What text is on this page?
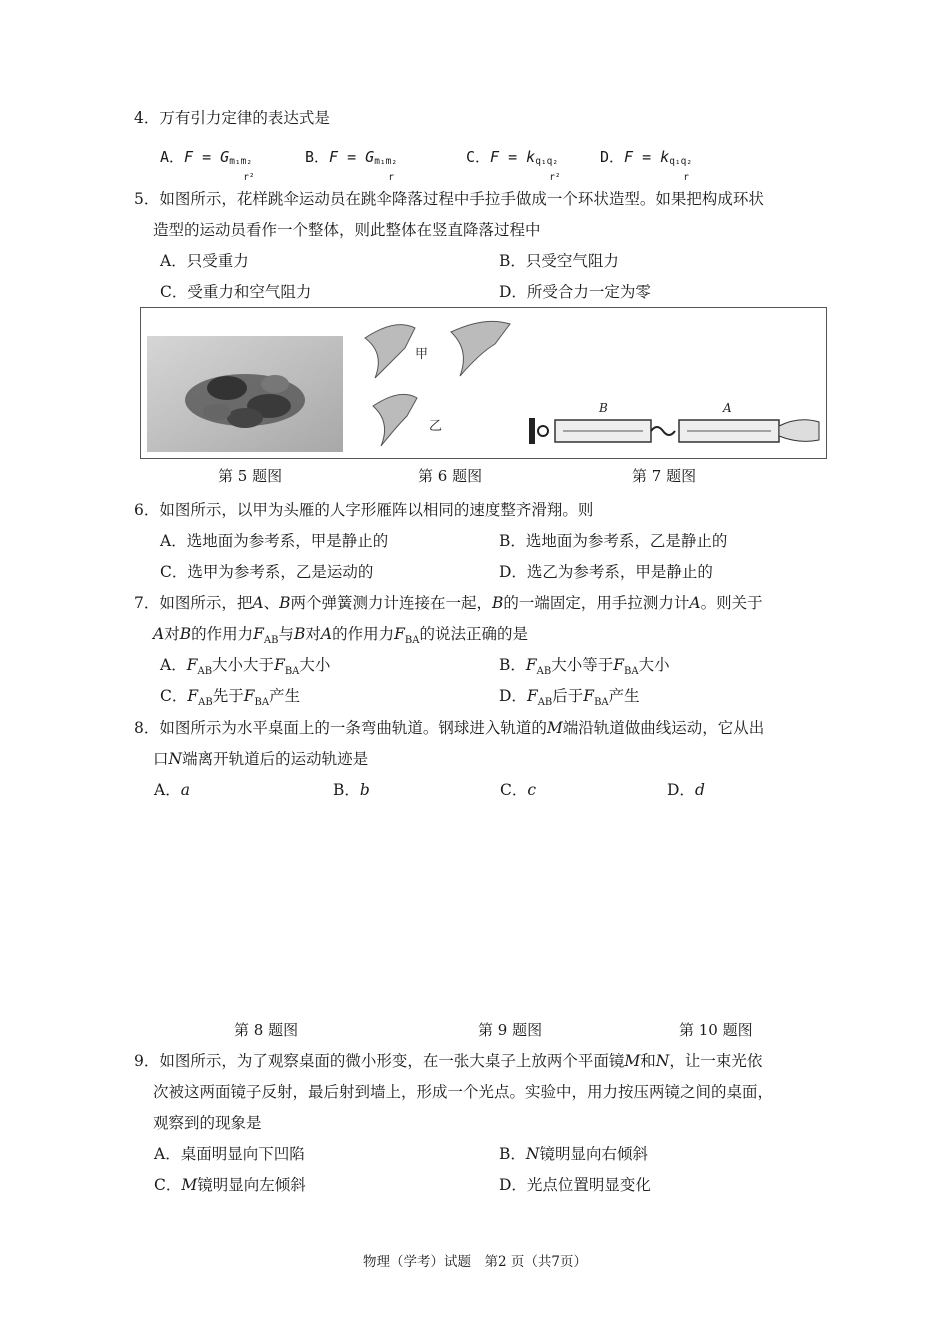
4．万有引力定律的表达式是
A．F = G m₁m₂
r²
B．F = G m₁m₂
r
C．F = k q₁q₂
r²
D．F = k q₁q₂
r
5．如图所示，花样跳伞运动员在跳伞降落过程中手拉手做成一个环状造型。如果把构成环状
造型的运动员看作一个整体，则此整体在竖直降落过程中
A．只受重力	B．只受空气阻力
C．受重力和空气阻力	D．所受合力一定为零
甲
乙
B	A
第 5 题图	第 6 题图	第 7 题图
6．如图所示，以甲为头雁的人字形雁阵以相同的速度整齐滑翔。则
A．选地面为参考系，甲是静止的	B．选地面为参考系，乙是静止的
C．选甲为参考系，乙是运动的	D．选乙为参考系，甲是静止的
7．如图所示，把A、B两个弹簧测力计连接在一起，B的一端固定，用手拉测力计A。则关于
A对B的作用力$F_{AB}$与B对A的作用力$F_{BA}$的说法正确的是
A．$F_{AB}$大小大于$F_{BA}$大小	B．$F_{AB}$大小等于$F_{BA}$大小
C．$F_{AB}$先于$F_{BA}$产生	D．$F_{AB}$后于$F_{BA}$产生
8．如图所示为水平桌面上的一条弯曲轨道。钢球进入轨道的M端沿轨道做曲线运动，它从出
口N端离开轨道后的运动轨迹是
A．a	B．b	C．c	D．d
第 8 题图	第 9 题图	第 10 题图
9．如图所示，为了观察桌面的微小形变，在一张大桌子上放两个平面镜M和N，让一束光依
次被这两面镜子反射，最后射到墙上，形成一个光点。实验中，用力按压两镜之间的桌面，
观察到的现象是
A．桌面明显向下凹陷	B．N镜明显向右倾斜
C．M镜明显向左倾斜	D．光点位置明显变化
物理（学考）试题　第2 页（共7页）
